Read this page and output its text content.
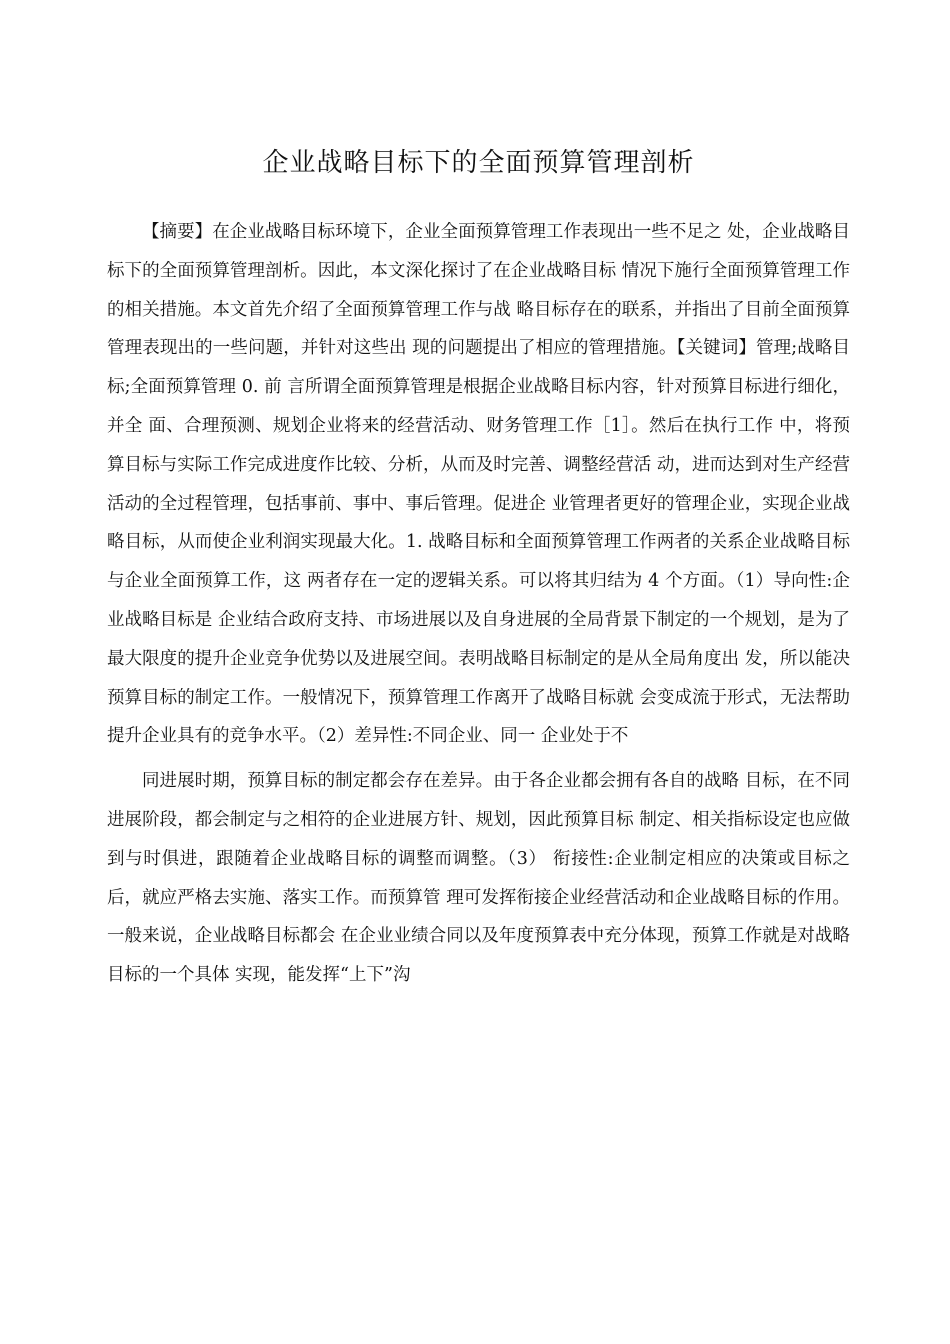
企业战略目标下的全面预算管理剖析

【摘要】在企业战略目标环境下，企业全面预算管理工作表现出一些不足之 处，企业战略目标下的全面预算管理剖析。因此，本文深化探讨了在企业战略目标 情况下施行全面预算管理工作的相关措施。本文首先介绍了全面预算管理工作与战 略目标存在的联系，并指出了目前全面预算管理表现出的一些问题，并针对这些出 现的问题提出了相应的管理措施。【关键词】管理;战略目标;全面预算管理 0. 前 言所谓全面预算管理是根据企业战略目标内容，针对预算目标进行细化，并全 面、合理预测、规划企业将来的经营活动、财务管理工作［1］。然后在执行工作 中，将预算目标与实际工作完成进度作比较、分析，从而及时完善、调整经营活 动，进而达到对生产经营活动的全过程管理，包括事前、事中、事后管理。促进企 业管理者更好的管理企业，实现企业战略目标，从而使企业利润实现最大化。1. 战略目标和全面预算管理工作两者的关系企业战略目标与企业全面预算工作，这 两者存在一定的逻辑关系。可以将其归结为 4 个方面。（1）导向性:企业战略目标是 企业结合政府支持、市场进展以及自身进展的全局背景下制定的一个规划，是为了 最大限度的提升企业竞争优势以及进展空间。表明战略目标制定的是从全局角度出 发，所以能决预算目标的制定工作。一般情况下，预算管理工作离开了战略目标就 会变成流于形式，无法帮助提升企业具有的竞争水平。（2）差异性:不同企业、同一 企业处于不

同进展时期，预算目标的制定都会存在差异。由于各企业都会拥有各自的战略 目标，在不同进展阶段，都会制定与之相符的企业进展方针、规划，因此预算目标 制定、相关指标设定也应做到与时俱进，跟随着企业战略目标的调整而调整。（3） 衔接性:企业制定相应的决策或目标之后，就应严格去实施、落实工作。而预算管 理可发挥衔接企业经营活动和企业战略目标的作用。一般来说，企业战略目标都会 在企业业绩合同以及年度预算表中充分体现，预算工作就是对战略目标的一个具体 实现，能发挥“上下”沟
